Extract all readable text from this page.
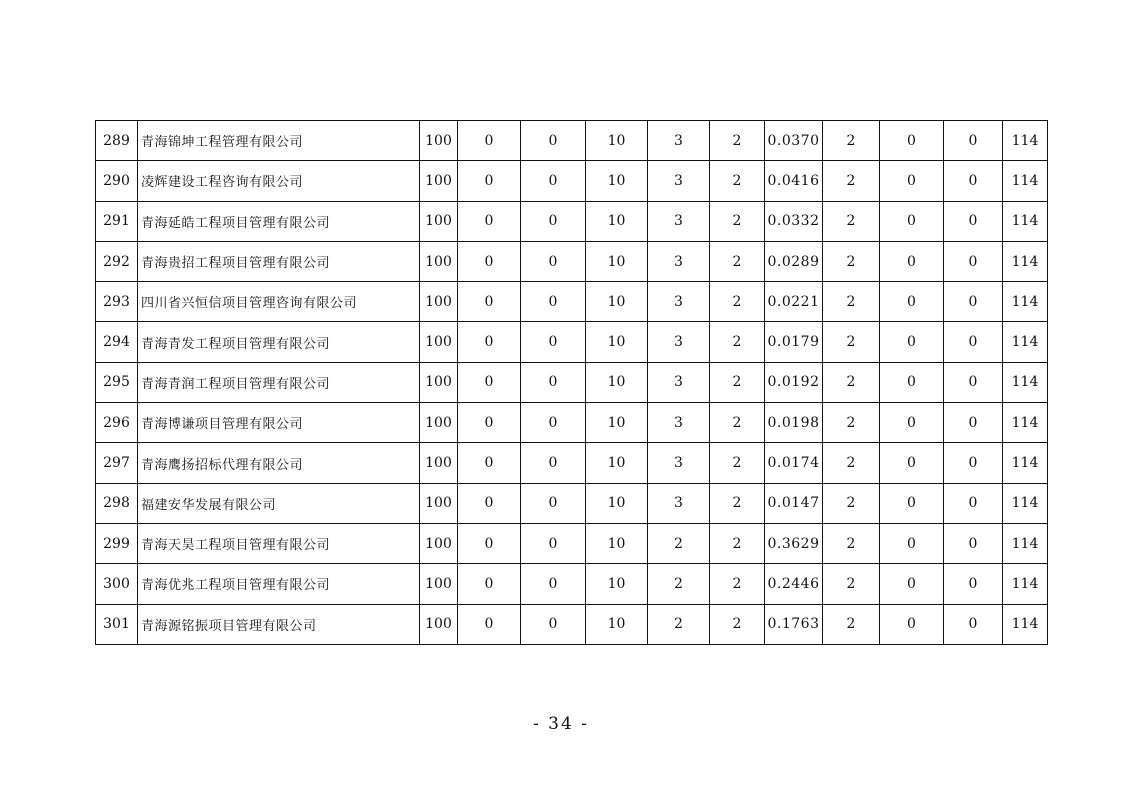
289	青海锦坤工程管理有限公司	100	0	0	10	3	2	0.0370	2	0	0	114
290	凌辉建设工程咨询有限公司	100	0	0	10	3	2	0.0416	2	0	0	114
291	青海延皓工程项目管理有限公司	100	0	0	10	3	2	0.0332	2	0	0	114
292	青海贵招工程项目管理有限公司	100	0	0	10	3	2	0.0289	2	0	0	114
293	四川省兴恒信项目管理咨询有限公司	100	0	0	10	3	2	0.0221	2	0	0	114
294	青海青发工程项目管理有限公司	100	0	0	10	3	2	0.0179	2	0	0	114
295	青海青润工程项目管理有限公司	100	0	0	10	3	2	0.0192	2	0	0	114
296	青海博谦项目管理有限公司	100	0	0	10	3	2	0.0198	2	0	0	114
297	青海鹰扬招标代理有限公司	100	0	0	10	3	2	0.0174	2	0	0	114
298	福建安华发展有限公司	100	0	0	10	3	2	0.0147	2	0	0	114
299	青海天昊工程项目管理有限公司	100	0	0	10	2	2	0.3629	2	0	0	114
300	青海优兆工程项目管理有限公司	100	0	0	10	2	2	0.2446	2	0	0	114
301	青海源铭振项目管理有限公司	100	0	0	10	2	2	0.1763	2	0	0	114
- 34 -
